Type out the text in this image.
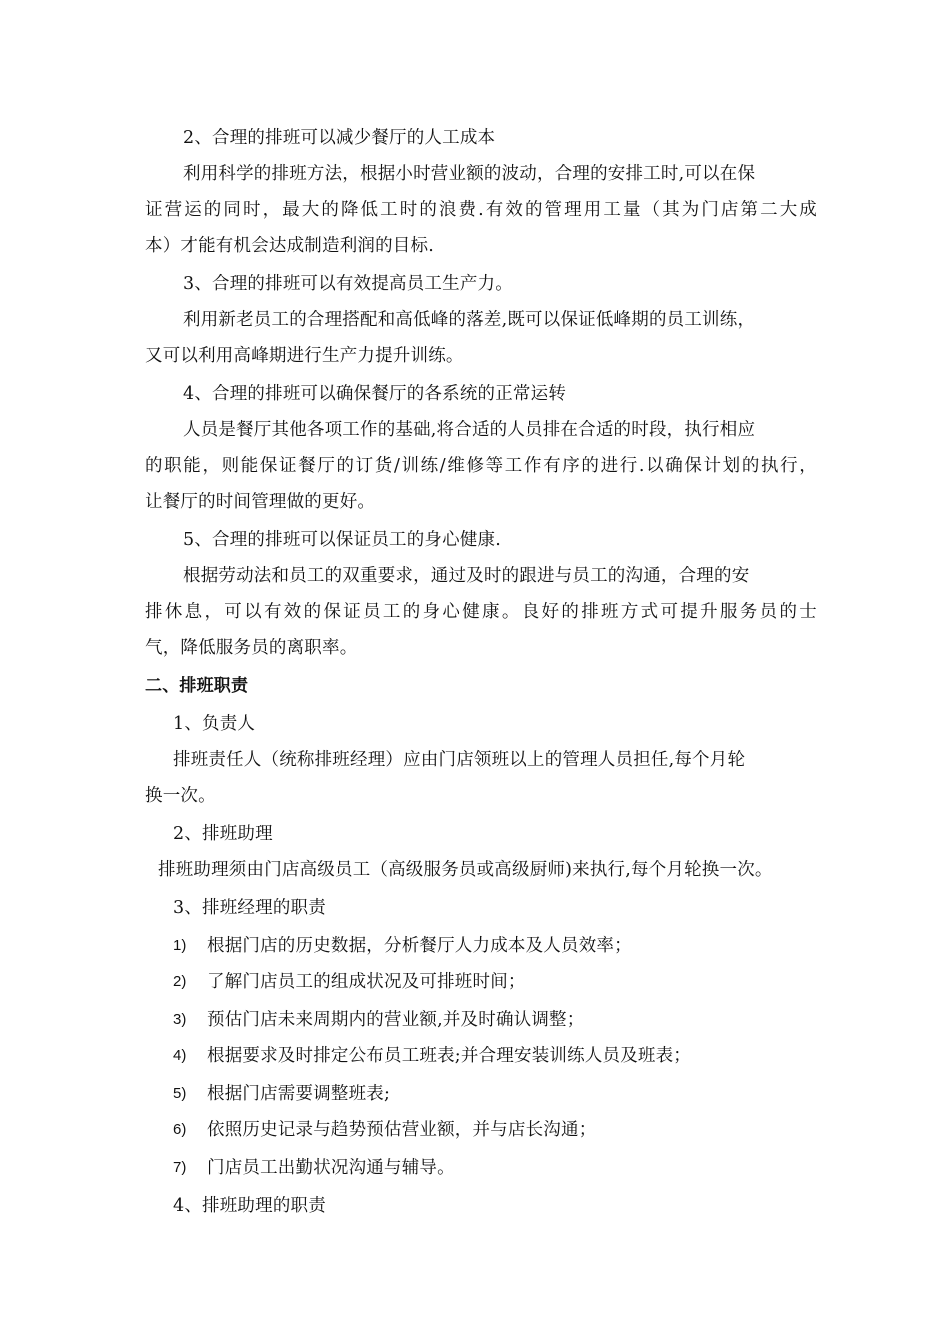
2、合理的排班可以减少餐厅的人工成本
利用科学的排班方法，根据小时营业额的波动，合理的安排工时,可以在保
证营运的同时，最大的降低工时的浪费.有效的管理用工量（其为门店第二大成
本）才能有机会达成制造利润的目标.
3、合理的排班可以有效提高员工生产力。
利用新老员工的合理搭配和高低峰的落差,既可以保证低峰期的员工训练，
又可以利用高峰期进行生产力提升训练。
4、合理的排班可以确保餐厅的各系统的正常运转
人员是餐厅其他各项工作的基础,将合适的人员排在合适的时段，执行相应
的职能，则能保证餐厅的订货/训练/维修等工作有序的进行.以确保计划的执行，
让餐厅的时间管理做的更好。
5、合理的排班可以保证员工的身心健康.
根据劳动法和员工的双重要求，通过及时的跟进与员工的沟通，合理的安
排休息，可以有效的保证员工的身心健康。良好的排班方式可提升服务员的士
气，降低服务员的离职率。
二、排班职责
1、负责人
排班责任人（统称排班经理）应由门店领班以上的管理人员担任,每个月轮
换一次。
2、排班助理
排班助理须由门店高级员工（高级服务员或高级厨师)来执行,每个月轮换一次。
3、排班经理的职责
1) 根据门店的历史数据，分析餐厅人力成本及人员效率；
2) 了解门店员工的组成状况及可排班时间；
3) 预估门店未来周期内的营业额,并及时确认调整；
4) 根据要求及时排定公布员工班表;并合理安装训练人员及班表；
5) 根据门店需要调整班表;
6) 依照历史记录与趋势预估营业额，并与店长沟通；
7) 门店员工出勤状况沟通与辅导。
4、排班助理的职责
